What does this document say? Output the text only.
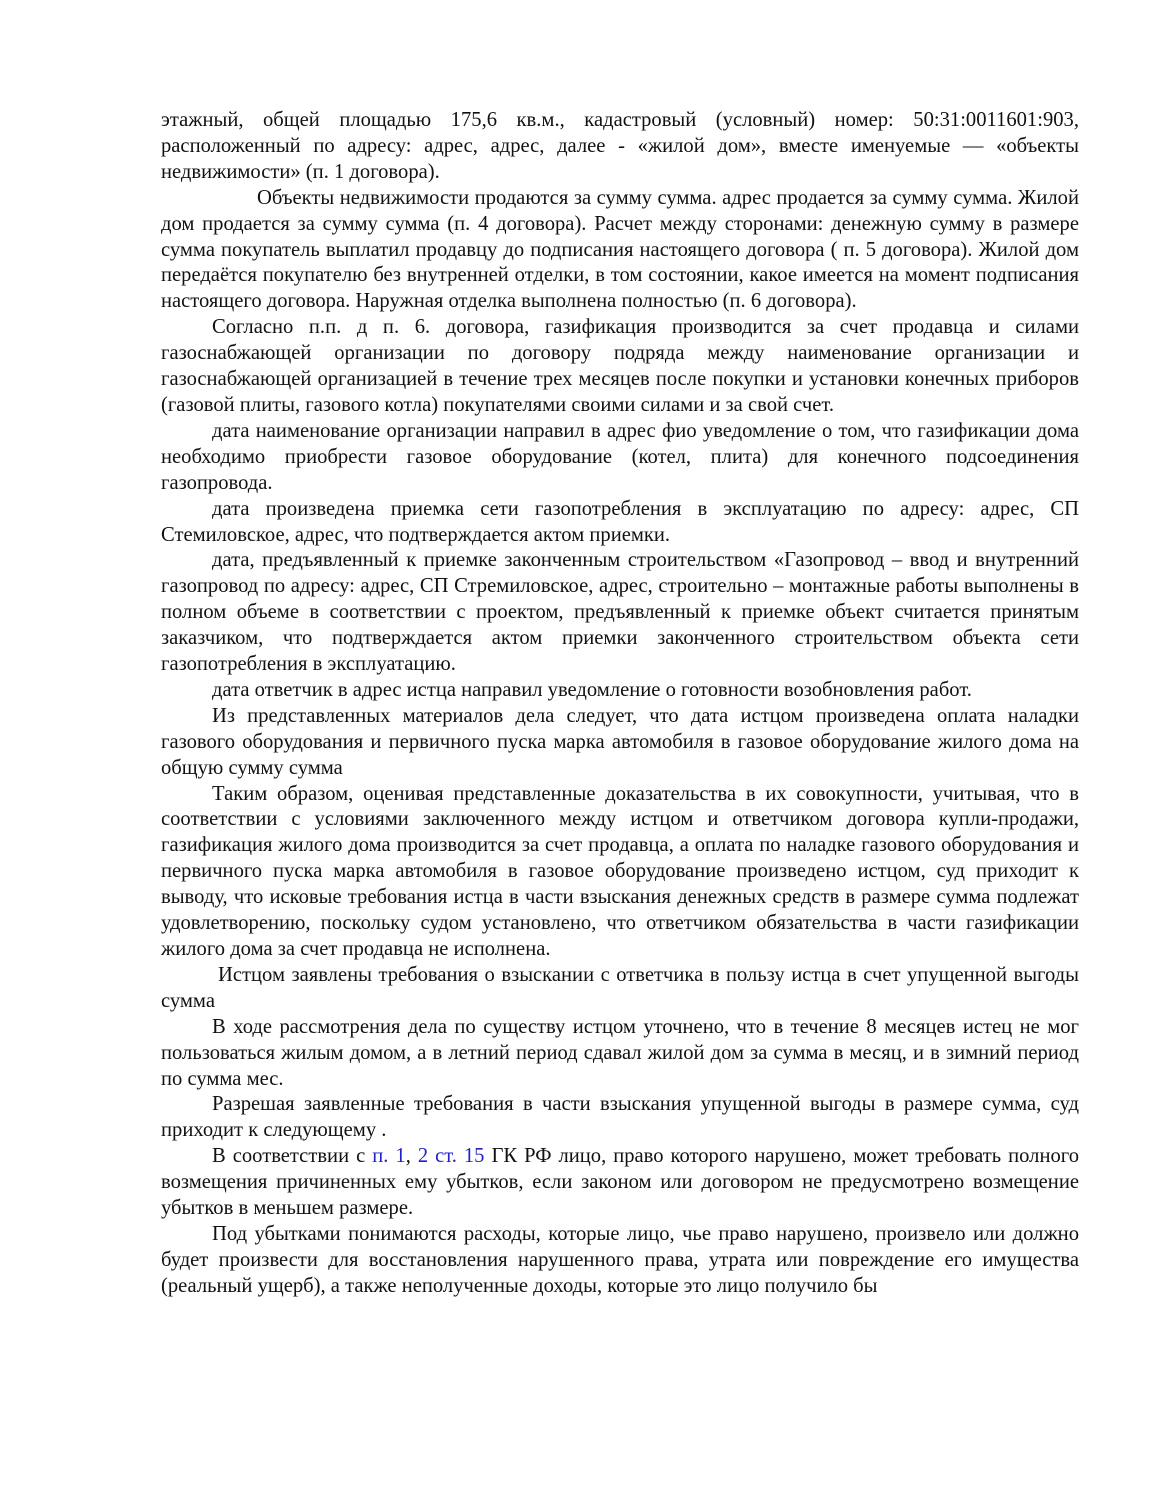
этажный, общей площадью 175,6 кв.м., кадастровый (условный) номер: 50:31:0011601:903, расположенный по адресу: адрес, адрес, далее - «жилой дом», вместе именуемые — «объекты недвижимости» (п. 1 договора).

Объекты недвижимости продаются за сумму сумма. адрес продается за сумму сумма. Жилой дом продается за сумму сумма (п. 4 договора). Расчет между сторонами: денежную сумму в размере сумма покупатель выплатил продавцу до подписания настоящего договора ( п. 5 договора). Жилой дом передаётся покупателю без внутренней отделки, в том состоянии, какое имеется на момент подписания настоящего договора. Наружная отделка выполнена полностью (п. 6 договора).

Согласно п.п. д п. 6. договора, газификация производится за счет продавца и силами газоснабжающей организации по договору подряда между наименование организации и газоснабжающей организацией в течение трех месяцев после покупки и установки конечных приборов (газовой плиты, газового котла) покупателями своими силами и за свой счет.

дата наименование организации направил в адрес фио уведомление о том, что газификации дома необходимо приобрести газовое оборудование (котел, плита) для конечного подсоединения газопровода.

дата произведена приемка сети газопотребления в эксплуатацию по адресу: адрес, СП Стемиловское, адрес, что подтверждается актом приемки.

дата, предъявленный к приемке законченным строительством «Газопровод – ввод и внутренний газопровод по адресу: адрес, СП Стремиловское, адрес, строительно – монтажные работы выполнены в полном объеме в соответствии с проектом, предъявленный к приемке объект считается принятым заказчиком, что подтверждается актом приемки законченного строительством объекта сети газопотребления в эксплуатацию.

дата ответчик в адрес истца направил уведомление о готовности возобновления работ.

Из представленных материалов дела следует, что дата истцом произведена оплата наладки газового оборудования и первичного пуска марка автомобиля в газовое оборудование жилого дома на общую сумму сумма

Таким образом, оценивая представленные доказательства в их совокупности, учитывая, что в соответствии с условиями заключенного между истцом и ответчиком договора купли-продажи, газификация жилого дома производится за счет продавца, а оплата по наладке газового оборудования и первичного пуска марка автомобиля в газовое оборудование произведено истцом, суд приходит к выводу, что исковые требования истца в части взыскания денежных средств в размере сумма подлежат удовлетворению, поскольку судом установлено, что ответчиком обязательства в части газификации жилого дома за счет продавца не исполнена.

Истцом заявлены требования о взыскании с ответчика в пользу истца в счет упущенной выгоды сумма

В ходе рассмотрения дела по существу истцом уточнено, что в течение 8 месяцев истец не мог пользоваться жилым домом, а в летний период сдавал жилой дом за сумма в месяц, и в зимний период по сумма мес.

Разрешая заявленные требования в части взыскания упущенной выгоды в размере сумма, суд приходит к следующему .

В соответствии с п. 1, 2 ст. 15 ГК РФ лицо, право которого нарушено, может требовать полного возмещения причиненных ему убытков, если законом или договором не предусмотрено возмещение убытков в меньшем размере.

Под убытками понимаются расходы, которые лицо, чье право нарушено, произвело или должно будет произвести для восстановления нарушенного права, утрата или повреждение его имущества (реальный ущерб), а также неполученные доходы, которые это лицо получило бы
